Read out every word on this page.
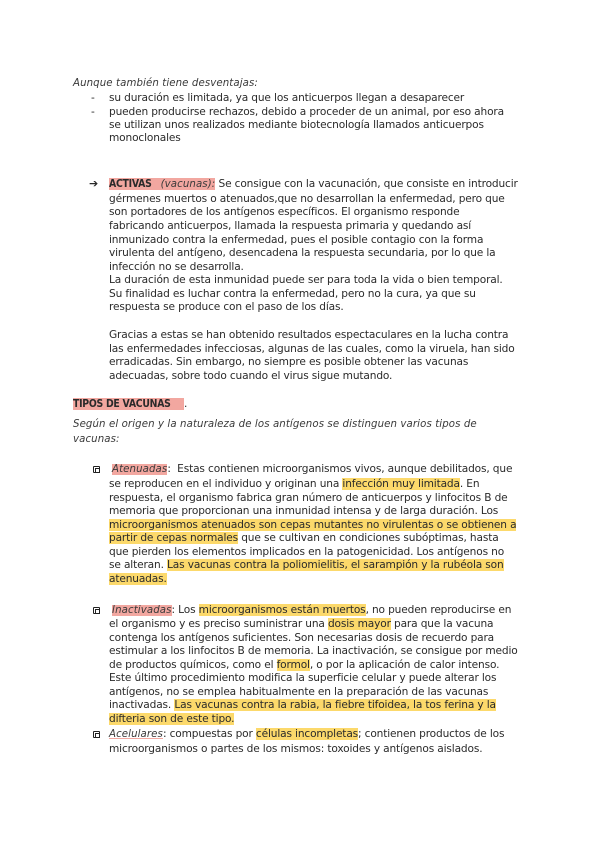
Aunque también tiene desventajas:
- su duración es limitada, ya que los anticuerpos llegan a desaparecer
- pueden producirse rechazos, debido a proceder de un animal, por eso ahora
se utilizan unos realizados mediante biotecnología llamados anticuerpos
monoclonales
➔ ACTIVAS (vacunas): Se consigue con la vacunación, que consiste en introducir
gérmenes muertos o atenuados,que no desarrollan la enfermedad, pero que
son portadores de los antígenos específicos. El organismo responde
fabricando anticuerpos, llamada la respuesta primaria y quedando así
inmunizado contra la enfermedad, pues el posible contagio con la forma
virulenta del antígeno, desencadena la respuesta secundaria, por lo que la
infección no se desarrolla.
La duración de esta inmunidad puede ser para toda la vida o bien temporal.
Su finalidad es luchar contra la enfermedad, pero no la cura, ya que su
respuesta se produce con el paso de los días.
Gracias a estas se han obtenido resultados espectaculares en la lucha contra
las enfermedades infecciosas, algunas de las cuales, como la viruela, han sido
erradicadas. Sin embargo, no siempre es posible obtener las vacunas
adecuadas, sobre todo cuando el virus sigue mutando.
TIPOS DE VACUNAS .
Según el origen y la naturaleza de los antígenos se distinguen varios tipos de
vacunas:
Atenuadas: Estas contienen microorganismos vivos, aunque debilitados, que
se reproducen en el individuo y originan una infección muy limitada. En
respuesta, el organismo fabrica gran número de anticuerpos y linfocitos B de
memoria que proporcionan una inmunidad intensa y de larga duración. Los
microorganismos atenuados son cepas mutantes no virulentas o se obtienen a
partir de cepas normales que se cultivan en condiciones subóptimas, hasta
que pierden los elementos implicados en la patogenicidad. Los antígenos no
se alteran. Las vacunas contra la poliomielitis, el sarampión y la rubéola son
atenuadas.
Inactivadas: Los microorganismos están muertos, no pueden reproducirse en
el organismo y es preciso suministrar una dosis mayor para que la vacuna
contenga los antígenos suficientes. Son necesarias dosis de recuerdo para
estimular a los linfocitos B de memoria. La inactivación, se consigue por medio
de productos químicos, como el formol, o por la aplicación de calor intenso.
Este último procedimiento modifica la superficie celular y puede alterar los
antígenos, no se emplea habitualmente en la preparación de las vacunas
inactivadas. Las vacunas contra la rabia, la fiebre tifoidea, la tos ferina y la
difteria son de este tipo.
Acelulares: compuestas por células incompletas; contienen productos de los
microorganismos o partes de los mismos: toxoides y antígenos aislados.
